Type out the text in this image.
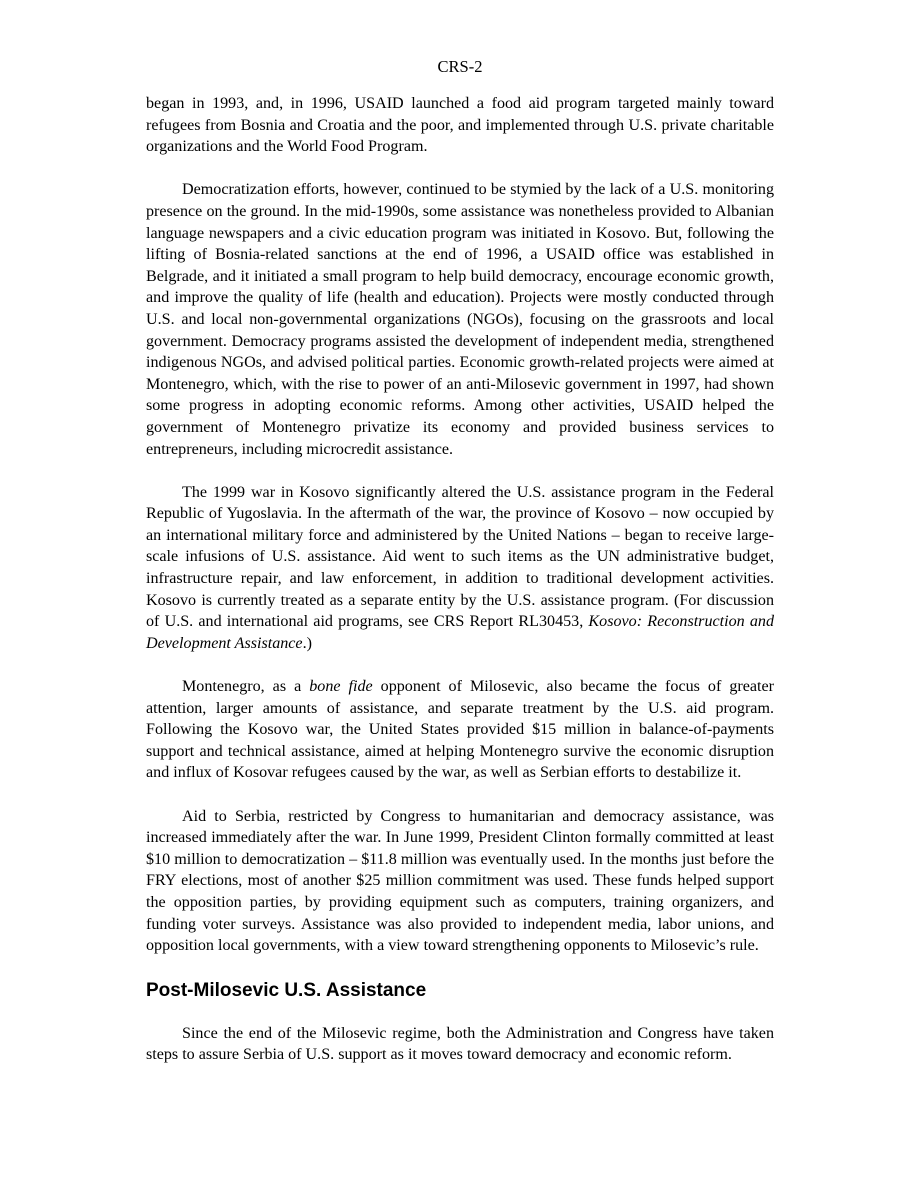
CRS-2

began in 1993, and, in 1996, USAID launched a food aid program targeted mainly toward refugees from Bosnia and Croatia and the poor, and implemented through U.S. private charitable organizations and the World Food Program.

Democratization efforts, however, continued to be stymied by the lack of a U.S. monitoring presence on the ground. In the mid-1990s, some assistance was nonetheless provided to Albanian language newspapers and a civic education program was initiated in Kosovo. But, following the lifting of Bosnia-related sanctions at the end of 1996, a USAID office was established in Belgrade, and it initiated a small program to help build democracy, encourage economic growth, and improve the quality of life (health and education). Projects were mostly conducted through U.S. and local non-governmental organizations (NGOs), focusing on the grassroots and local government. Democracy programs assisted the development of independent media, strengthened indigenous NGOs, and advised political parties. Economic growth-related projects were aimed at Montenegro, which, with the rise to power of an anti-Milosevic government in 1997, had shown some progress in adopting economic reforms. Among other activities, USAID helped the government of Montenegro privatize its economy and provided business services to entrepreneurs, including microcredit assistance.

The 1999 war in Kosovo significantly altered the U.S. assistance program in the Federal Republic of Yugoslavia. In the aftermath of the war, the province of Kosovo – now occupied by an international military force and administered by the United Nations – began to receive large-scale infusions of U.S. assistance. Aid went to such items as the UN administrative budget, infrastructure repair, and law enforcement, in addition to traditional development activities. Kosovo is currently treated as a separate entity by the U.S. assistance program. (For discussion of U.S. and international aid programs, see CRS Report RL30453, Kosovo: Reconstruction and Development Assistance.)

Montenegro, as a bone fide opponent of Milosevic, also became the focus of greater attention, larger amounts of assistance, and separate treatment by the U.S. aid program. Following the Kosovo war, the United States provided $15 million in balance-of-payments support and technical assistance, aimed at helping Montenegro survive the economic disruption and influx of Kosovar refugees caused by the war, as well as Serbian efforts to destabilize it.

Aid to Serbia, restricted by Congress to humanitarian and democracy assistance, was increased immediately after the war. In June 1999, President Clinton formally committed at least $10 million to democratization – $11.8 million was eventually used. In the months just before the FRY elections, most of another $25 million commitment was used. These funds helped support the opposition parties, by providing equipment such as computers, training organizers, and funding voter surveys. Assistance was also provided to independent media, labor unions, and opposition local governments, with a view toward strengthening opponents to Milosevic’s rule.

Post-Milosevic U.S. Assistance

Since the end of the Milosevic regime, both the Administration and Congress have taken steps to assure Serbia of U.S. support as it moves toward democracy and economic reform.
